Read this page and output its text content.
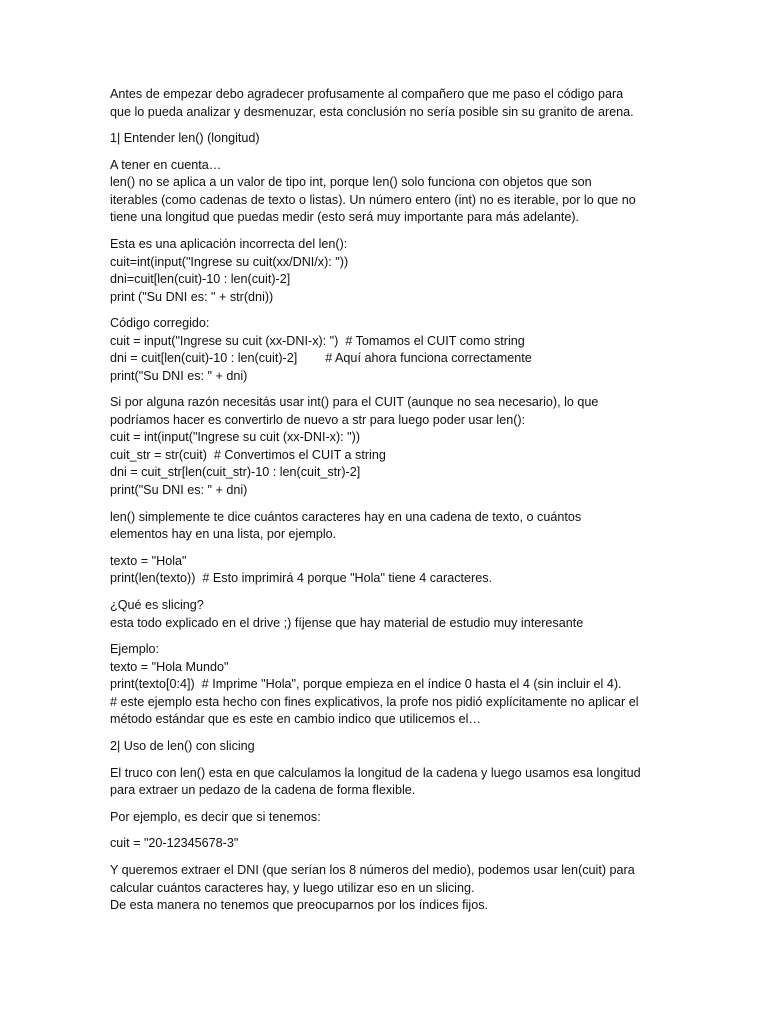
Antes de empezar debo agradecer profusamente al compañero que me paso el código para
que lo pueda analizar y desmenuzar, esta conclusión no sería posible sin su granito de arena.
1| Entender len() (longitud)
A tener en cuenta…
len() no se aplica a un valor de tipo int, porque len() solo funciona con objetos que son
iterables (como cadenas de texto o listas). Un número entero (int) no es iterable, por lo que no
tiene una longitud que puedas medir (esto será muy importante para más adelante).
Esta es una aplicación incorrecta del len():
cuit=int(input("Ingrese su cuit(xx/DNI/x): "))
dni=cuit[len(cuit)-10 : len(cuit)-2]
print ("Su DNI es: " + str(dni))
Código corregido:
cuit = input("Ingrese su cuit (xx-DNI-x): ")  # Tomamos el CUIT como string
dni = cuit[len(cuit)-10 : len(cuit)-2]        # Aquí ahora funciona correctamente
print("Su DNI es: " + dni)
Si por alguna razón necesitás usar int() para el CUIT (aunque no sea necesario), lo que
podríamos hacer es convertirlo de nuevo a str para luego poder usar len():
cuit = int(input("Ingrese su cuit (xx-DNI-x): "))
cuit_str = str(cuit)  # Convertimos el CUIT a string
dni = cuit_str[len(cuit_str)-10 : len(cuit_str)-2]
print("Su DNI es: " + dni)
len() simplemente te dice cuántos caracteres hay en una cadena de texto, o cuántos
elementos hay en una lista, por ejemplo.
texto = "Hola"
print(len(texto))  # Esto imprimirá 4 porque "Hola" tiene 4 caracteres.
¿Qué es slicing?
esta todo explicado en el drive ;) fíjense que hay material de estudio muy interesante
Ejemplo:
texto = "Hola Mundo"
print(texto[0:4])  # Imprime "Hola", porque empieza en el índice 0 hasta el 4 (sin incluir el 4).
# este ejemplo esta hecho con fines explicativos, la profe nos pidió explícitamente no aplicar el
método estándar que es este en cambio indico que utilicemos el…
2| Uso de len() con slicing
El truco con len() esta en que calculamos la longitud de la cadena y luego usamos esa longitud
para extraer un pedazo de la cadena de forma flexible.
Por ejemplo, es decir que si tenemos:
cuit = "20-12345678-3"
Y queremos extraer el DNI (que serían los 8 números del medio), podemos usar len(cuit) para
calcular cuántos caracteres hay, y luego utilizar eso en un slicing.
De esta manera no tenemos que preocuparnos por los índices fijos.
